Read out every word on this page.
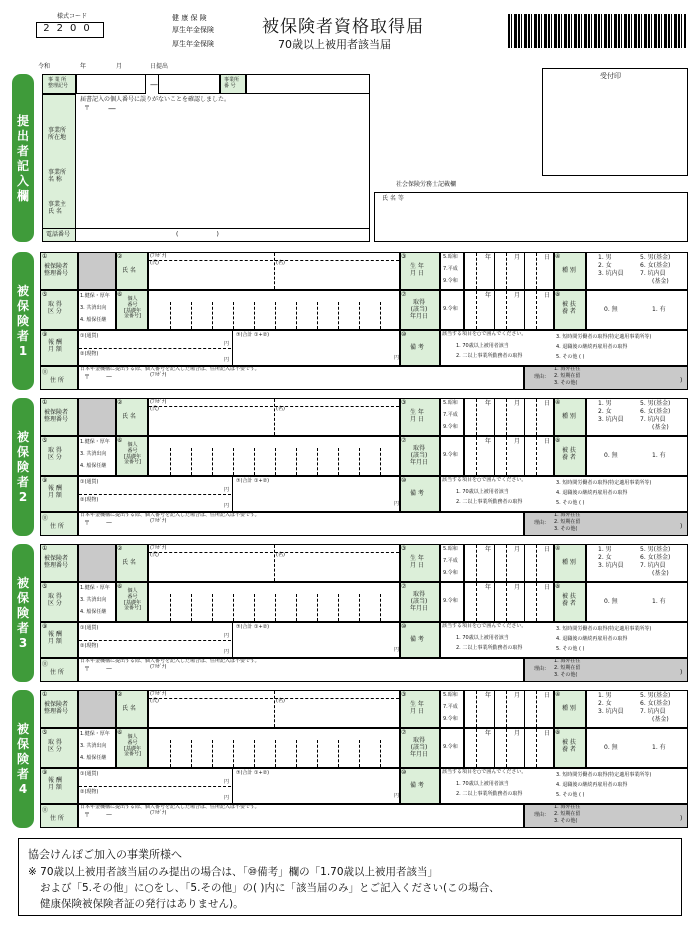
様式コード
2200
健 康 保 険
厚生年金保険
厚生年金保険
被保険者資格取得届
70歳以上被用者該当届
令和	年	月	日提出
受付印
提出者記入欄
事 業 所
整理記号	—	事業所
番 号
届書記入の個人番号に誤りがないことを確認しました。
〒 —
事業所
所在地
事業所
名 称
事業主
氏 名
電話番号	(                    )
社会保険労務士記載欄
氏 名 等
被保険者1
①
被保険者
整理番号
②
氏 名
(ﾌﾘｶﾞﾅ)
(氏)	(名)
③
生 年
月 日
5.昭和
7.平成
9.令和
年	月	日 ④
種 別
1. 男
2. 女
3. 坑内員
5. 男(基金)
6. 女(基金)
7. 坑内員
(基金)
⑤
取 得
区 分
1.健保・厚年
3. 共済出向
4. 船保任継
⑥
個人
番号
[基礎年
金番号]
⑦
取得
(該当)
年月日
9.令和
年	月	日 ⑧
被 扶
養 者	0. 無	1. 有
⑨
報 酬
月 額
①(通貨)
②(現物)
円
円
⑦(合計 ①+②)
円
⑩
備 考
該当する項目を○で囲んでください。
1. 70歳以上被用者該当
2. 二以上事業所勤務者の取得
3. 短時間労働者の取得(特定適用事業所等)
4. 退職後の継続再雇用者の取得
5. その他 ( )
⑪
住 所
日本年金機構に提出する際、個人番号を記入した場合は、住所記入は不要です。
(ﾌﾘｶﾞﾅ)
〒	—	理由：
1. 海外在住
2. 短期在留
3. その他(	)
被保険者2
①
被保険者
整理番号
②
氏 名
(ﾌﾘｶﾞﾅ)
(氏)	(名)
③
生 年
月 日
5.昭和
7.平成
9.令和
年	月	日 ④
種 別
1. 男
2. 女
3. 坑内員
5. 男(基金)
6. 女(基金)
7. 坑内員
(基金)
⑤
取 得
区 分
1.健保・厚年
3. 共済出向
4. 船保任継
⑥
個人
番号
[基礎年
金番号]
⑦
取得
(該当)
年月日
9.令和
年	月	日 ⑧
被 扶
養 者	0. 無	1. 有
⑨
報 酬
月 額
①(通貨)
②(現物)
円
円
⑦(合計 ①+②)
円
⑩
備 考
該当する項目を○で囲んでください。
1. 70歳以上被用者該当
2. 二以上事業所勤務者の取得
3. 短時間労働者の取得(特定適用事業所等)
4. 退職後の継続再雇用者の取得
5. その他 ( )
⑪
住 所
日本年金機構に提出する際、個人番号を記入した場合は、住所記入は不要です。
(ﾌﾘｶﾞﾅ)
〒	—	理由：
1. 海外在住
2. 短期在留
3. その他(	)
被保険者3
①
被保険者
整理番号
②
氏 名
(ﾌﾘｶﾞﾅ)
(氏)	(名)
③
生 年
月 日
5.昭和
7.平成
9.令和
年	月	日 ④
種 別
1. 男
2. 女
3. 坑内員
5. 男(基金)
6. 女(基金)
7. 坑内員
(基金)
⑤
取 得
区 分
1.健保・厚年
3. 共済出向
4. 船保任継
⑥
個人
番号
[基礎年
金番号]
⑦
取得
(該当)
年月日
9.令和
年	月	日 ⑧
被 扶
養 者	0. 無	1. 有
⑨
報 酬
月 額
①(通貨)
②(現物)
円
円
⑦(合計 ①+②)
円
⑩
備 考
該当する項目を○で囲んでください。
1. 70歳以上被用者該当
2. 二以上事業所勤務者の取得
3. 短時間労働者の取得(特定適用事業所等)
4. 退職後の継続再雇用者の取得
5. その他 ( )
⑪
住 所
日本年金機構に提出する際、個人番号を記入した場合は、住所記入は不要です。
(ﾌﾘｶﾞﾅ)
〒	—	理由：
1. 海外在住
2. 短期在留
3. その他(	)
被保険者4
①
被保険者
整理番号
②
氏 名
(ﾌﾘｶﾞﾅ)
(氏)	(名)
③
生 年
月 日
5.昭和
7.平成
9.令和
年	月	日 ④
種 別
1. 男
2. 女
3. 坑内員
5. 男(基金)
6. 女(基金)
7. 坑内員
(基金)
⑤
取 得
区 分
1.健保・厚年
3. 共済出向
4. 船保任継
⑥
個人
番号
[基礎年
金番号]
⑦
取得
(該当)
年月日
9.令和
年	月	日 ⑧
被 扶
養 者	0. 無	1. 有
⑨
報 酬
月 額
①(通貨)
②(現物)
円
円
⑦(合計 ①+②)
円
⑩
備 考
該当する項目を○で囲んでください。
1. 70歳以上被用者該当
2. 二以上事業所勤務者の取得
3. 短時間労働者の取得(特定適用事業所等)
4. 退職後の継続再雇用者の取得
5. その他 ( )
⑪
住 所
日本年金機構に提出する際、個人番号を記入した場合は、住所記入は不要です。
(ﾌﾘｶﾞﾅ)
〒	—	理由：
1. 海外在住
2. 短期在留
3. その他(	)
協会けんぽご加入の事業所様へ
※ 70歳以上被用者該当届のみ提出の場合は、「⑩備考」欄の「1.70歳以上被用者該当」
および「5.その他」に○をし、「5.その他」の( )内に「該当届のみ」とご記入ください(この場合、
健康保険被保険者証の発行はありません)。
